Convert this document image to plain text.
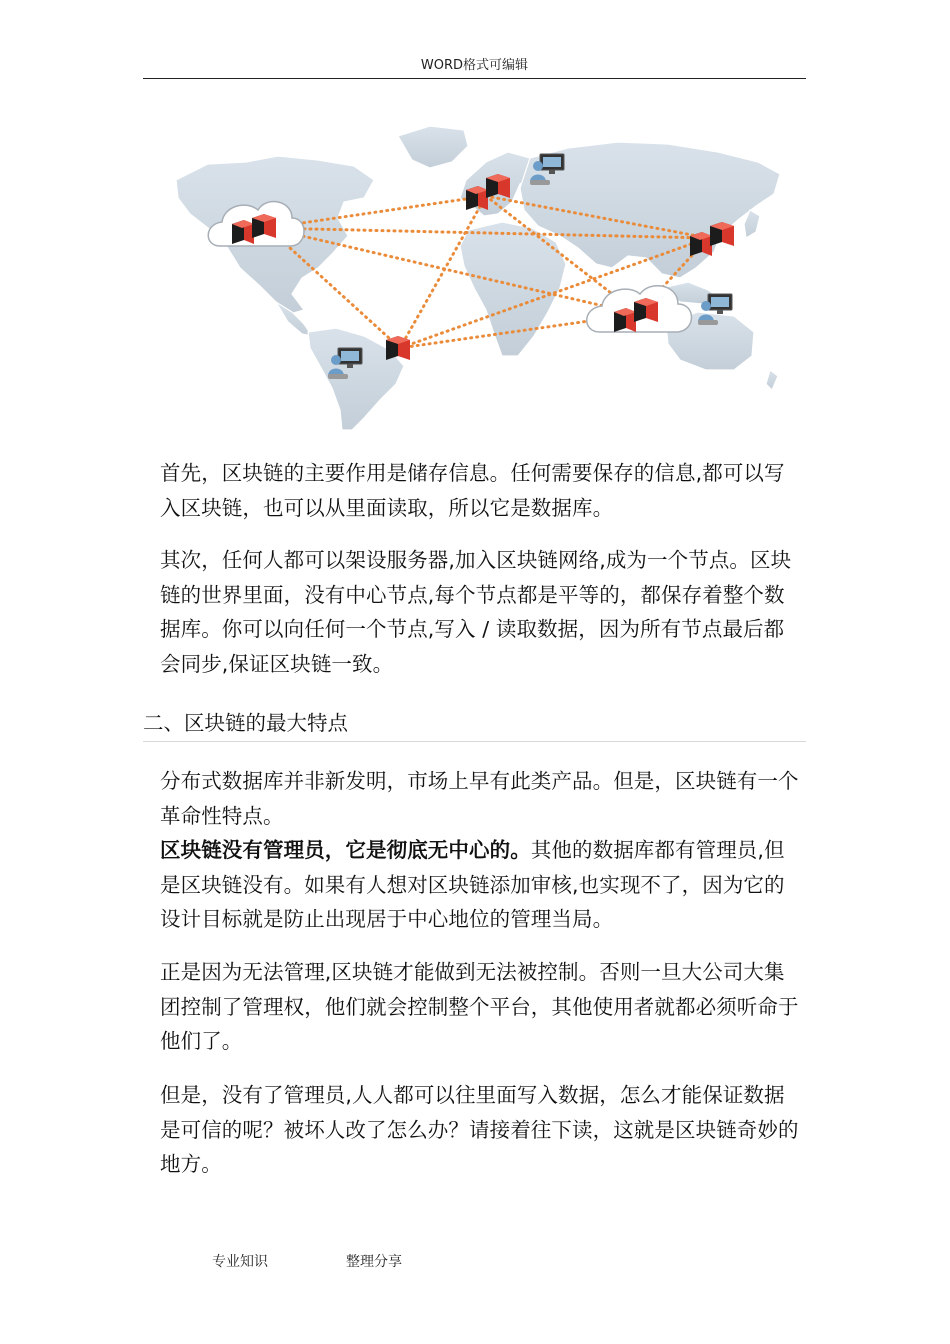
WORD格式可编辑

首先，区块链的主要作用是储存信息。任何需要保存的信息,都可以写入区块链，也可以从里面读取，所以它是数据库。

其次，任何人都可以架设服务器,加入区块链网络,成为一个节点。区块链的世界里面，没有中心节点,每个节点都是平等的，都保存着整个数据库。你可以向任何一个节点,写入 / 读取数据，因为所有节点最后都会同步,保证区块链一致。

二、区块链的最大特点

分布式数据库并非新发明，市场上早有此类产品。但是，区块链有一个革命性特点。
区块链没有管理员，它是彻底无中心的。其他的数据库都有管理员,但是区块链没有。如果有人想对区块链添加审核,也实现不了，因为它的设计目标就是防止出现居于中心地位的管理当局。

正是因为无法管理,区块链才能做到无法被控制。否则一旦大公司大集团控制了管理权，他们就会控制整个平台，其他使用者就都必须听命于他们了。

但是，没有了管理员,人人都可以往里面写入数据，怎么才能保证数据是可信的呢？被坏人改了怎么办？请接着往下读，这就是区块链奇妙的地方。

专业知识	整理分享
